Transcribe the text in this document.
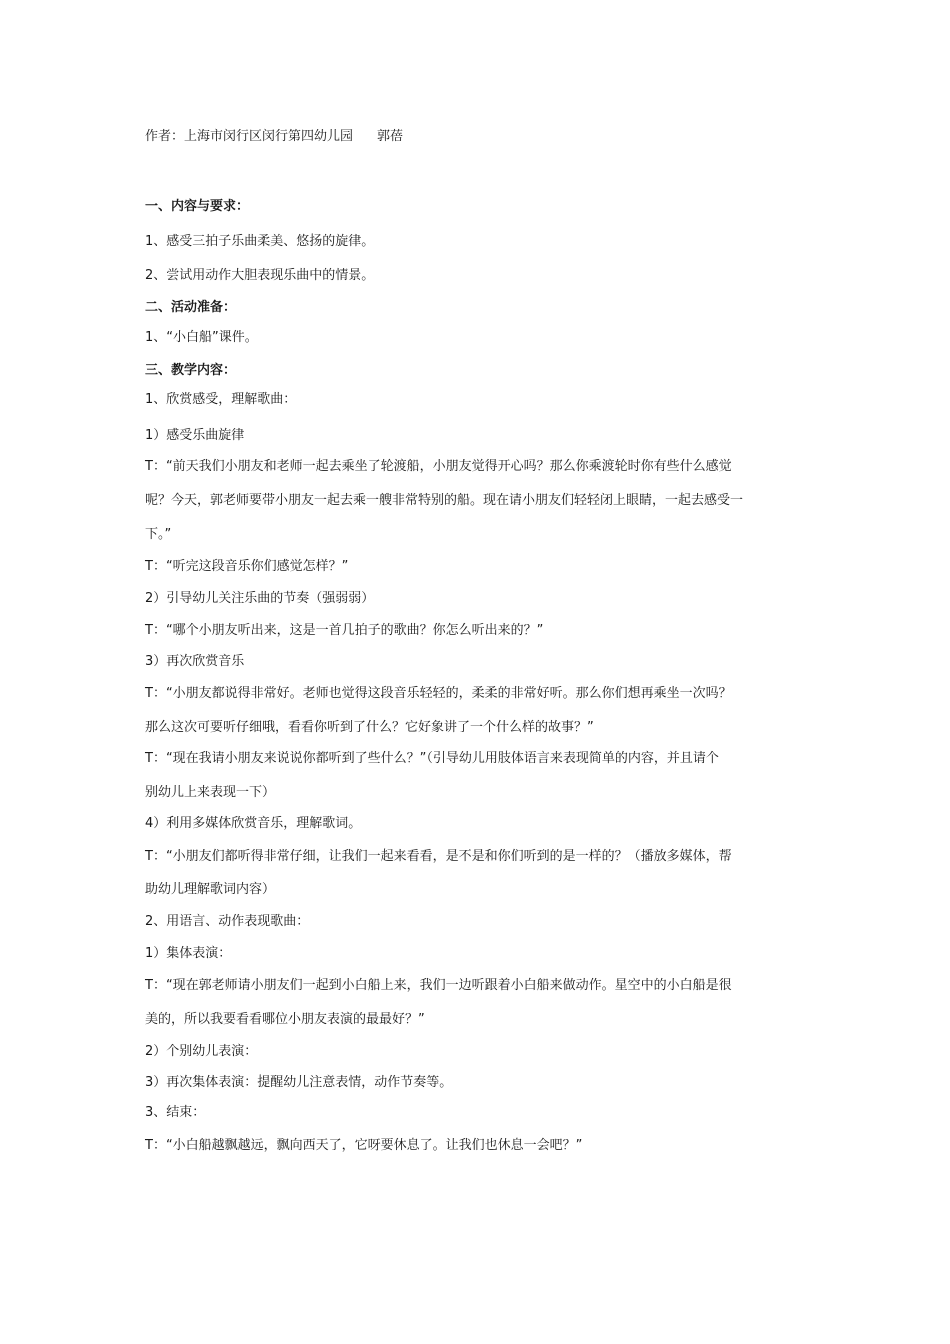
作者：上海市闵行区闵行第四幼儿园 郭蓓
一、内容与要求：
1、感受三拍子乐曲柔美、悠扬的旋律。
2、尝试用动作大胆表现乐曲中的情景。
二、活动准备：
1、“小白船”课件。
三、教学内容：
1、欣赏感受，理解歌曲：
1）感受乐曲旋律
T：“前天我们小朋友和老师一起去乘坐了轮渡船，小朋友觉得开心吗？那么你乘渡轮时你有些什么感觉
呢？今天，郭老师要带小朋友一起去乘一艘非常特别的船。现在请小朋友们轻轻闭上眼睛，一起去感受一
下。”
T：“听完这段音乐你们感觉怎样？”
2）引导幼儿关注乐曲的节奏（强弱弱）
T：“哪个小朋友听出来，这是一首几拍子的歌曲？你怎么听出来的？”
3）再次欣赏音乐
T：“小朋友都说得非常好。老师也觉得这段音乐轻轻的，柔柔的非常好听。那么你们想再乘坐一次吗？
那么这次可要听仔细哦，看看你听到了什么？它好象讲了一个什么样的故事？”
T：“现在我请小朋友来说说你都听到了些什么？”（引导幼儿用肢体语言来表现简单的内容，并且请个
别幼儿上来表现一下）
4）利用多媒体欣赏音乐，理解歌词。
T：“小朋友们都听得非常仔细，让我们一起来看看，是不是和你们听到的是一样的？（播放多媒体，帮
助幼儿理解歌词内容）
2、用语言、动作表现歌曲：
1）集体表演：
T：“现在郭老师请小朋友们一起到小白船上来，我们一边听跟着小白船来做动作。星空中的小白船是很
美的，所以我要看看哪位小朋友表演的最最好？”
2）个别幼儿表演：
3）再次集体表演：提醒幼儿注意表情，动作节奏等。
3、结束：
T：“小白船越飘越远，飘向西天了，它呀要休息了。让我们也休息一会吧？”
